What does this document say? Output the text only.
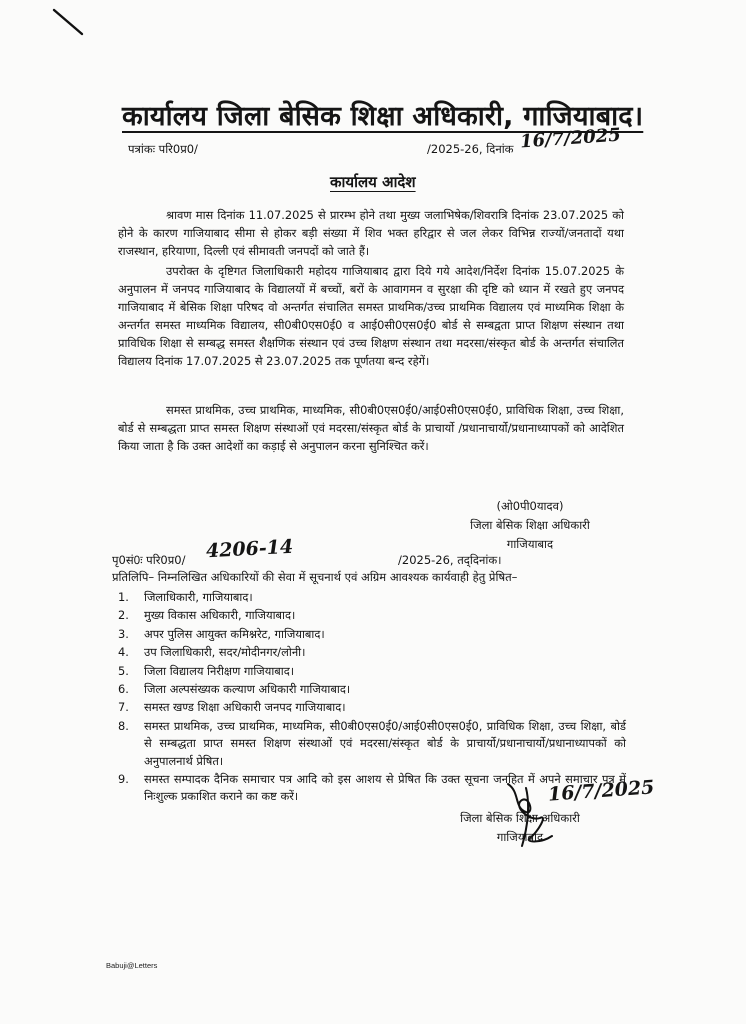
कार्यालय जिला बेसिक शिक्षा अधिकारी, गाजियाबाद।
पत्रांकः परि0प्र0/	/2025-26, दिनांक 16/7/2025
कार्यालय आदेश

श्रावण मास दिनांक 11.07.2025 से प्रारम्भ होने तथा मुख्य जलाभिषेक/शिवरात्रि दिनांक 23.07.2025 को होने के कारण गाजियाबाद सीमा से होकर बड़ी संख्या में शिव भक्त हरिद्वार से जल लेकर विभिन्न राज्यों/जनतादों यथा राजस्थान, हरियाणा, दिल्ली एवं सीमावती जनपदों को जाते हैं।

उपरोक्त के दृष्टिगत जिलाधिकारी महोदय गाजियाबाद द्वारा दिये गये आदेश/निर्देश दिनांक 15.07.2025 के अनुपालन में जनपद गाजियाबाद के विद्यालयों में बच्चों, बरों के आवागमन व सुरक्षा की दृष्टि को ध्यान में रखते हुए जनपद गाजियाबाद में बेसिक शिक्षा परिषद वो अन्तर्गत संचालित समस्त प्राथमिक/उच्च प्राथमिक विद्यालय एवं माध्यमिक शिक्षा के अन्तर्गत समस्त माध्यमिक विद्यालय, सी0बी0एस0ई0 व आई0सी0एस0ई0 बोर्ड से सम्बद्वता प्राप्त शिक्षण संस्थान तथा प्राविधिक शिक्षा से सम्बद्ध समस्त शैक्षणिक संस्थान एवं उच्च शिक्षण संस्थान तथा मदरसा/संस्कृत बोर्ड के अन्तर्गत संचालित विद्यालय दिनांक 17.07.2025 से 23.07.2025 तक पूर्णतया बन्द रहेगें।

समस्त प्राथमिक, उच्च प्राथमिक, माध्यमिक, सी0बी0एस0ई0/आई0सी0एस0ई0, प्राविधिक शिक्षा, उच्च शिक्षा, बोर्ड से सम्बद्धता प्राप्त समस्त शिक्षण संस्थाओं एवं मदरसा/संस्कृत बोर्ड के प्राचार्यो /प्रधानाचार्यो/प्रधानाध्यापकों को आदेशित किया जाता है कि उक्त आदेशों का कड़ाई से अनुपालन करना सुनिश्चित करें।

(ओ0पी0यादव)
जिला बेसिक शिक्षा अधिकारी
गाजियाबाद
4206-14
पृ0सं0ः परि0प्र0/	/2025-26, तद्‌दिनांक।
प्रतिलिपि– निम्नलिखित अधिकारियों की सेवा में सूचनार्थ एवं अग्रिम आवश्यक कार्यवाही हेतु प्रेषित–
1.	जिलाधिकारी, गाजियाबाद।
2.	मुख्य विकास अधिकारी, गाजियाबाद।
3.	अपर पुलिस आयुक्त कमिश्नरेट, गाजियाबाद।
4.	उप जिलाधिकारी, सदर/मोदीनगर/लोनी।
5.	जिला विद्यालय निरीक्षण गाजियाबाद।
6.	जिला अल्पसंख्यक कल्याण अधिकारी गाजियाबाद।
7.	समस्त खण्ड शिक्षा अधिकारी जनपद गाजियाबाद।
8.	समस्त प्राथमिक, उच्च प्राथमिक, माध्यमिक, सी0बी0एस0ई0/आई0सी0एस0ई0, प्राविधिक शिक्षा, उच्च शिक्षा, बोर्ड से सम्बद्धता प्राप्त समस्त शिक्षण संस्थाओं एवं मदरसा/संस्कृत बोर्ड के प्राचार्यो/प्रधानाचार्यो/प्रधानाध्यापकों को अनुपालनार्थ प्रेषित।
9.	समस्त सम्पादक दैनिक समाचार पत्र आदि को इस आशय से प्रेषित कि उक्त सूचना जनहित में अपने समाचार पत्र में निःशुल्क प्रकाशित कराने का कष्ट करें।
जिला बेसिक शिक्षा अधिकारी
गाजियाबाद
16/7/2025
Babuji@Letters
